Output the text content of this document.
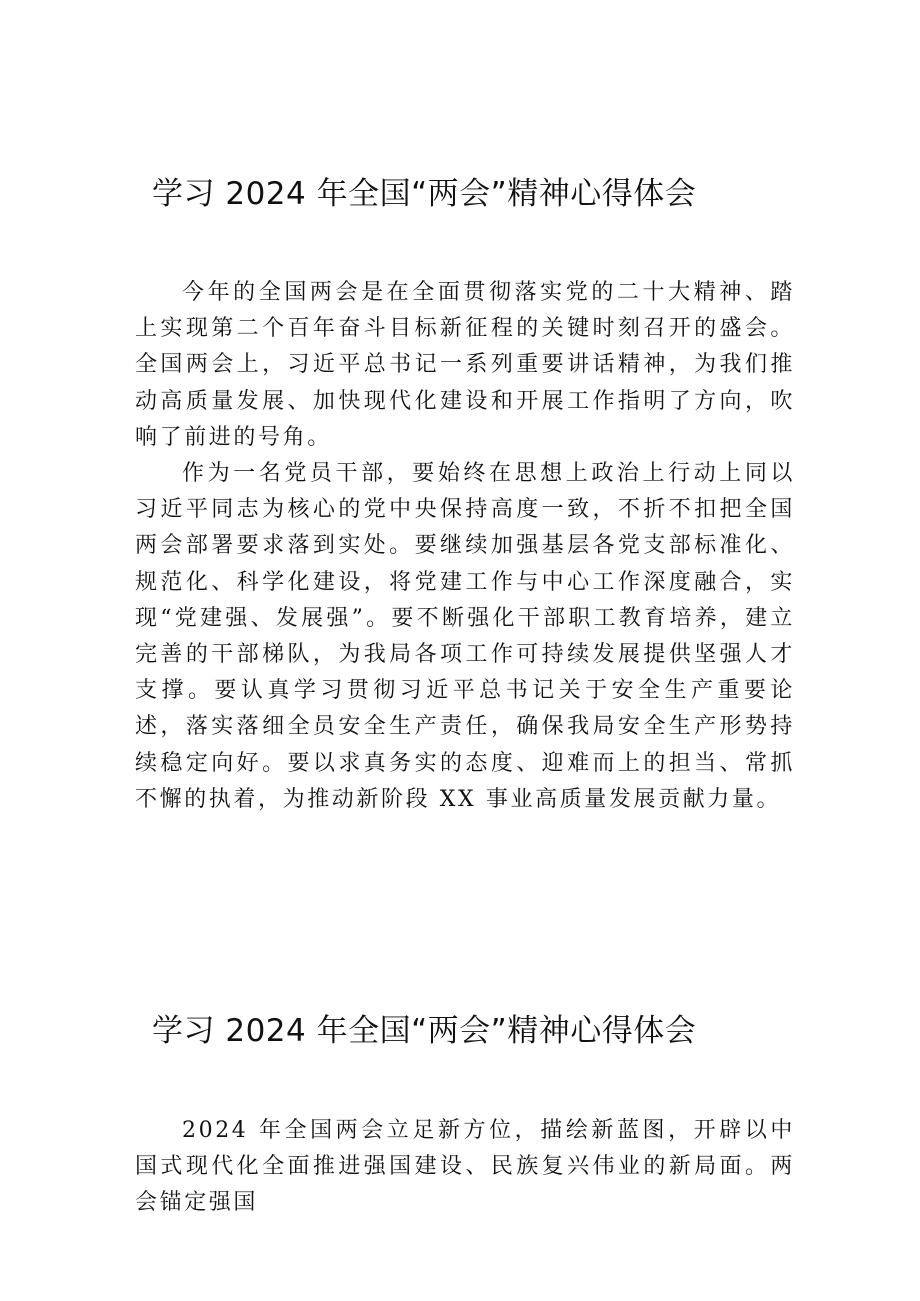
学习 2024 年全国“两会”精神心得体会

今年的全国两会是在全面贯彻落实党的二十大精神、踏上实现第二个百年奋斗目标新征程的关键时刻召开的盛会。全国两会上，习近平总书记一系列重要讲话精神，为我们推动高质量发展、加快现代化建设和开展工作指明了方向，吹响了前进的号角。

作为一名党员干部，要始终在思想上政治上行动上同以习近平同志为核心的党中央保持高度一致，不折不扣把全国两会部署要求落到实处。要继续加强基层各党支部标准化、规范化、科学化建设，将党建工作与中心工作深度融合，实现“党建强、发展强”。要不断强化干部职工教育培养，建立完善的干部梯队，为我局各项工作可持续发展提供坚强人才支撑。要认真学习贯彻习近平总书记关于安全生产重要论述，落实落细全员安全生产责任，确保我局安全生产形势持续稳定向好。要以求真务实的态度、迎难而上的担当、常抓不懈的执着，为推动新阶段 XX 事业高质量发展贡献力量。

学习 2024 年全国“两会”精神心得体会

2024 年全国两会立足新方位，描绘新蓝图，开辟以中国式现代化全面推进强国建设、民族复兴伟业的新局面。两会锚定强国
